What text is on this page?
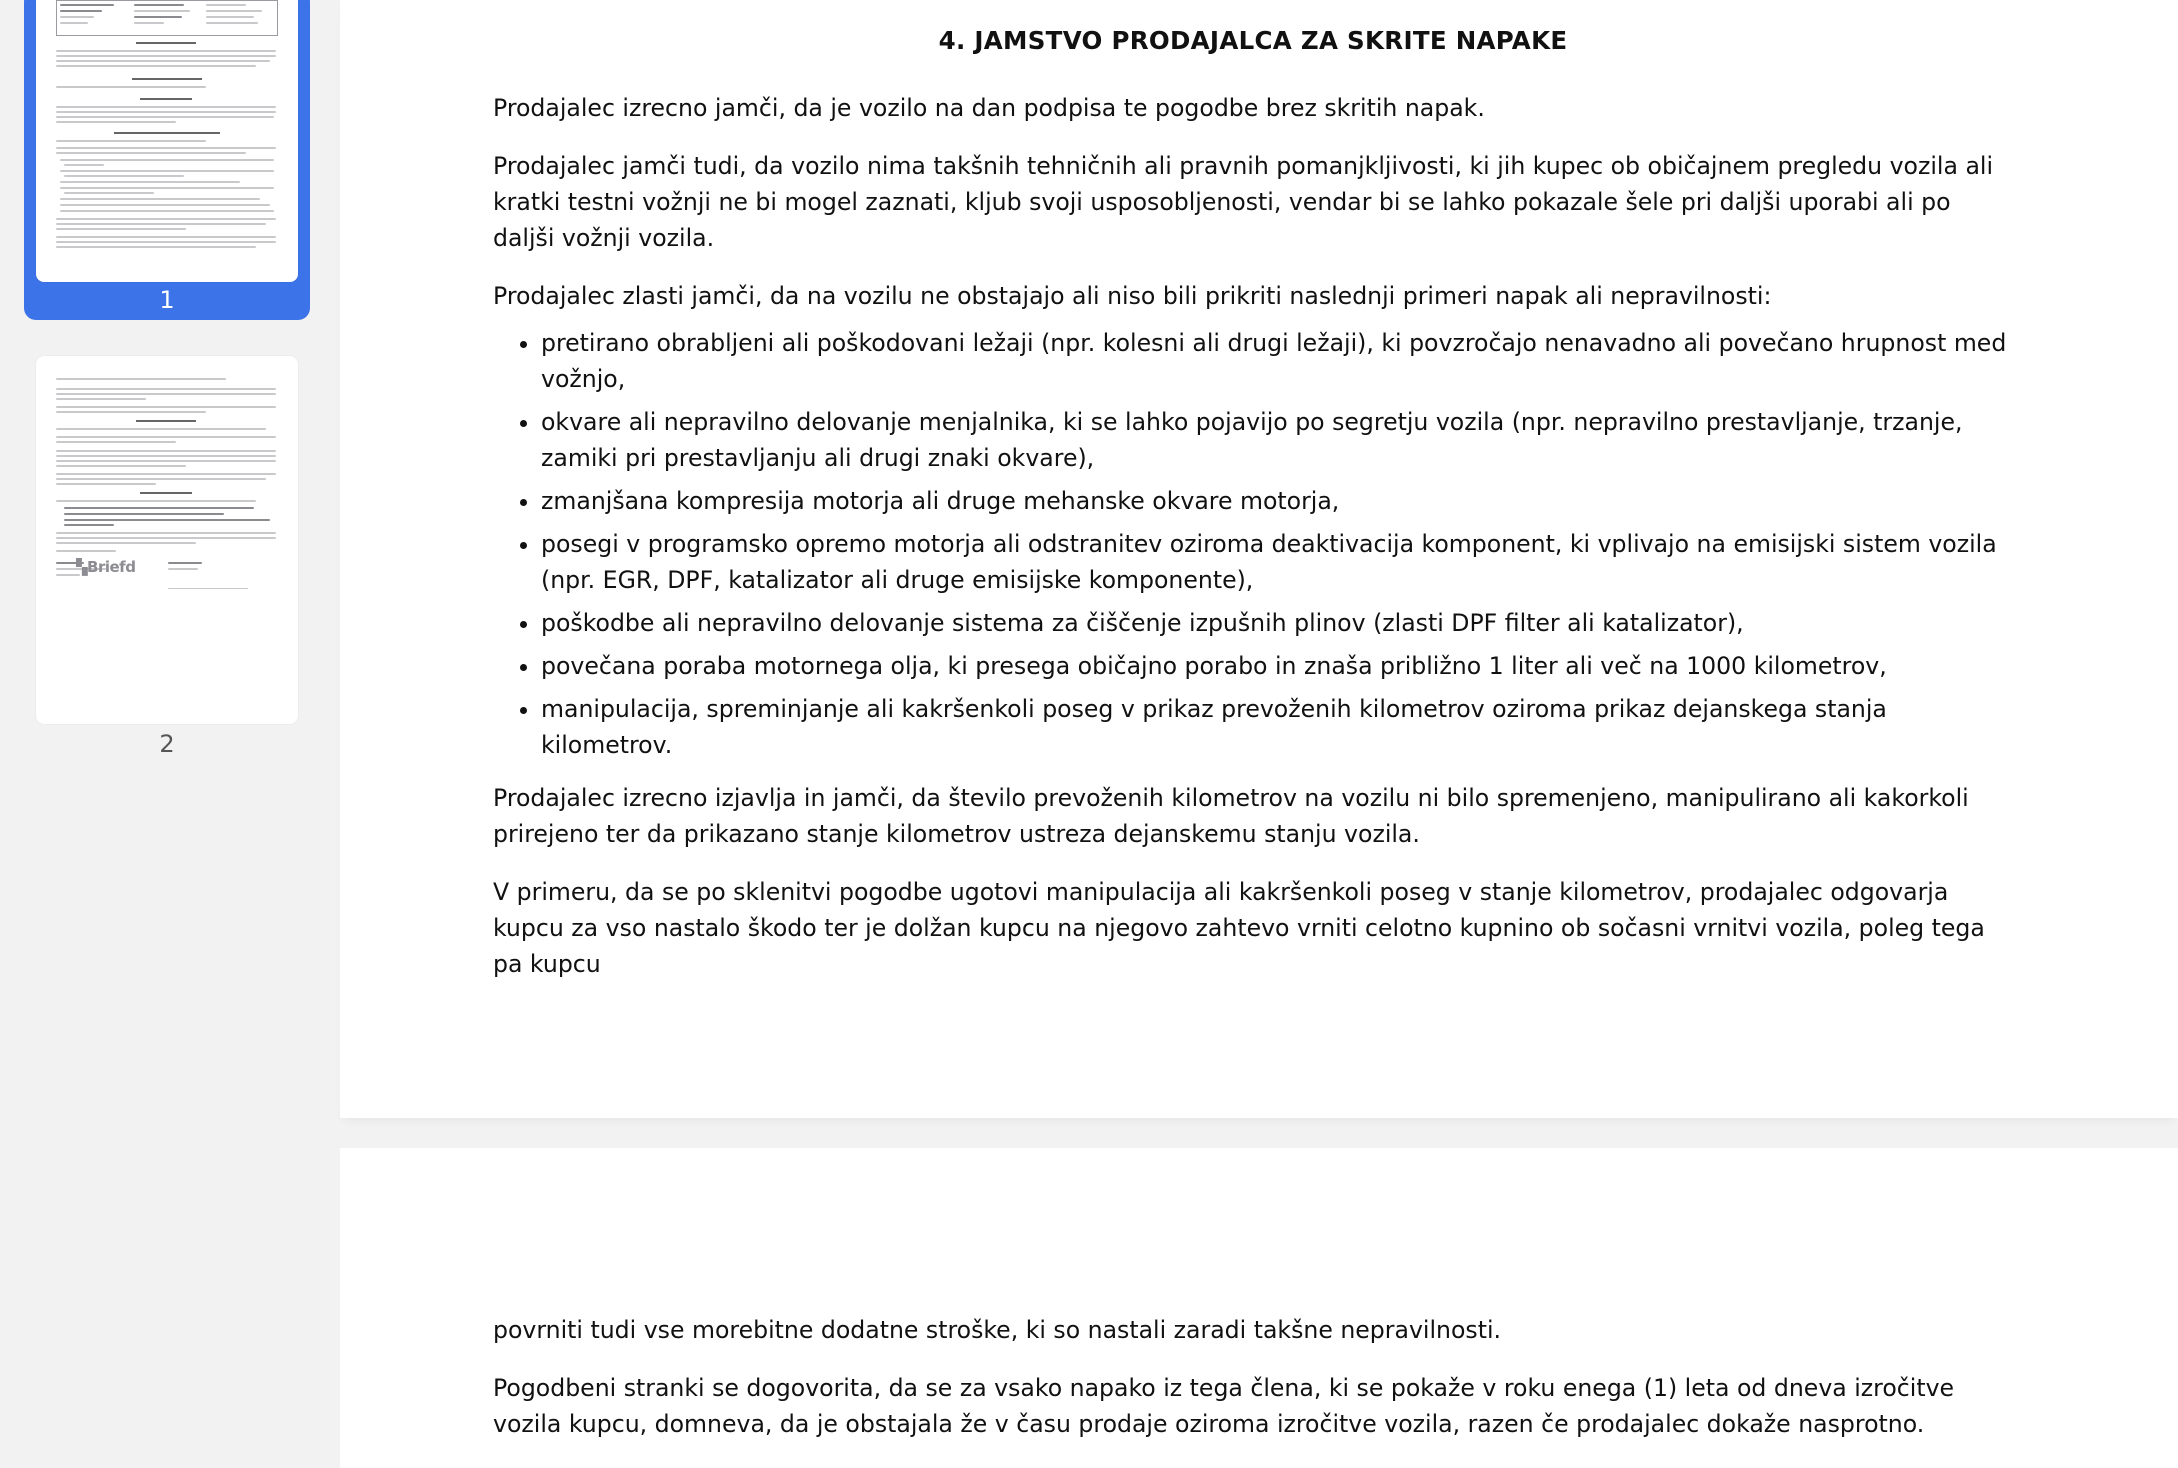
1
▚Briefd
2
4. JAMSTVO PRODAJALCA ZA SKRITE NAPAKE

Prodajalec izrecno jamči, da je vozilo na dan podpisa te pogodbe brez skritih napak.

Prodajalec jamči tudi, da vozilo nima takšnih tehničnih ali pravnih pomanjkljivosti, ki jih kupec ob običajnem pregledu vozila ali kratki testni vožnji ne bi mogel zaznati, kljub svoji usposobljenosti, vendar bi se lahko pokazale šele pri daljši uporabi ali po daljši vožnji vozila.

Prodajalec zlasti jamči, da na vozilu ne obstajajo ali niso bili prikriti naslednji primeri napak ali nepravilnosti:

• pretirano obrabljeni ali poškodovani ležaji (npr. kolesni ali drugi ležaji), ki povzročajo nenavadno ali povečano hrupnost med vožnjo,
• okvare ali nepravilno delovanje menjalnika, ki se lahko pojavijo po segretju vozila (npr. nepravilno prestavljanje, trzanje, zamiki pri prestavljanju ali drugi znaki okvare),
• zmanjšana kompresija motorja ali druge mehanske okvare motorja,
• posegi v programsko opremo motorja ali odstranitev oziroma deaktivacija komponent, ki vplivajo na emisijski sistem vozila (npr. EGR, DPF, katalizator ali druge emisijske komponente),
• poškodbe ali nepravilno delovanje sistema za čiščenje izpušnih plinov (zlasti DPF filter ali katalizator),
• povečana poraba motornega olja, ki presega običajno porabo in znaša približno 1 liter ali več na 1000 kilometrov,
• manipulacija, spreminjanje ali kakršenkoli poseg v prikaz prevoženih kilometrov oziroma prikaz dejanskega stanja kilometrov.

Prodajalec izrecno izjavlja in jamči, da število prevoženih kilometrov na vozilu ni bilo spremenjeno, manipulirano ali kakorkoli prirejeno ter da prikazano stanje kilometrov ustreza dejanskemu stanju vozila.

V primeru, da se po sklenitvi pogodbe ugotovi manipulacija ali kakršenkoli poseg v stanje kilometrov, prodajalec odgovarja kupcu za vso nastalo škodo ter je dolžan kupcu na njegovo zahtevo vrniti celotno kupnino ob sočasni vrnitvi vozila, poleg tega pa kupcu

povrniti tudi vse morebitne dodatne stroške, ki so nastali zaradi takšne nepravilnosti.

Pogodbeni stranki se dogovorita, da se za vsako napako iz tega člena, ki se pokaže v roku enega (1) leta od dneva izročitve vozila kupcu, domneva, da je obstajala že v času prodaje oziroma izročitve vozila, razen če prodajalec dokaže nasprotno.
